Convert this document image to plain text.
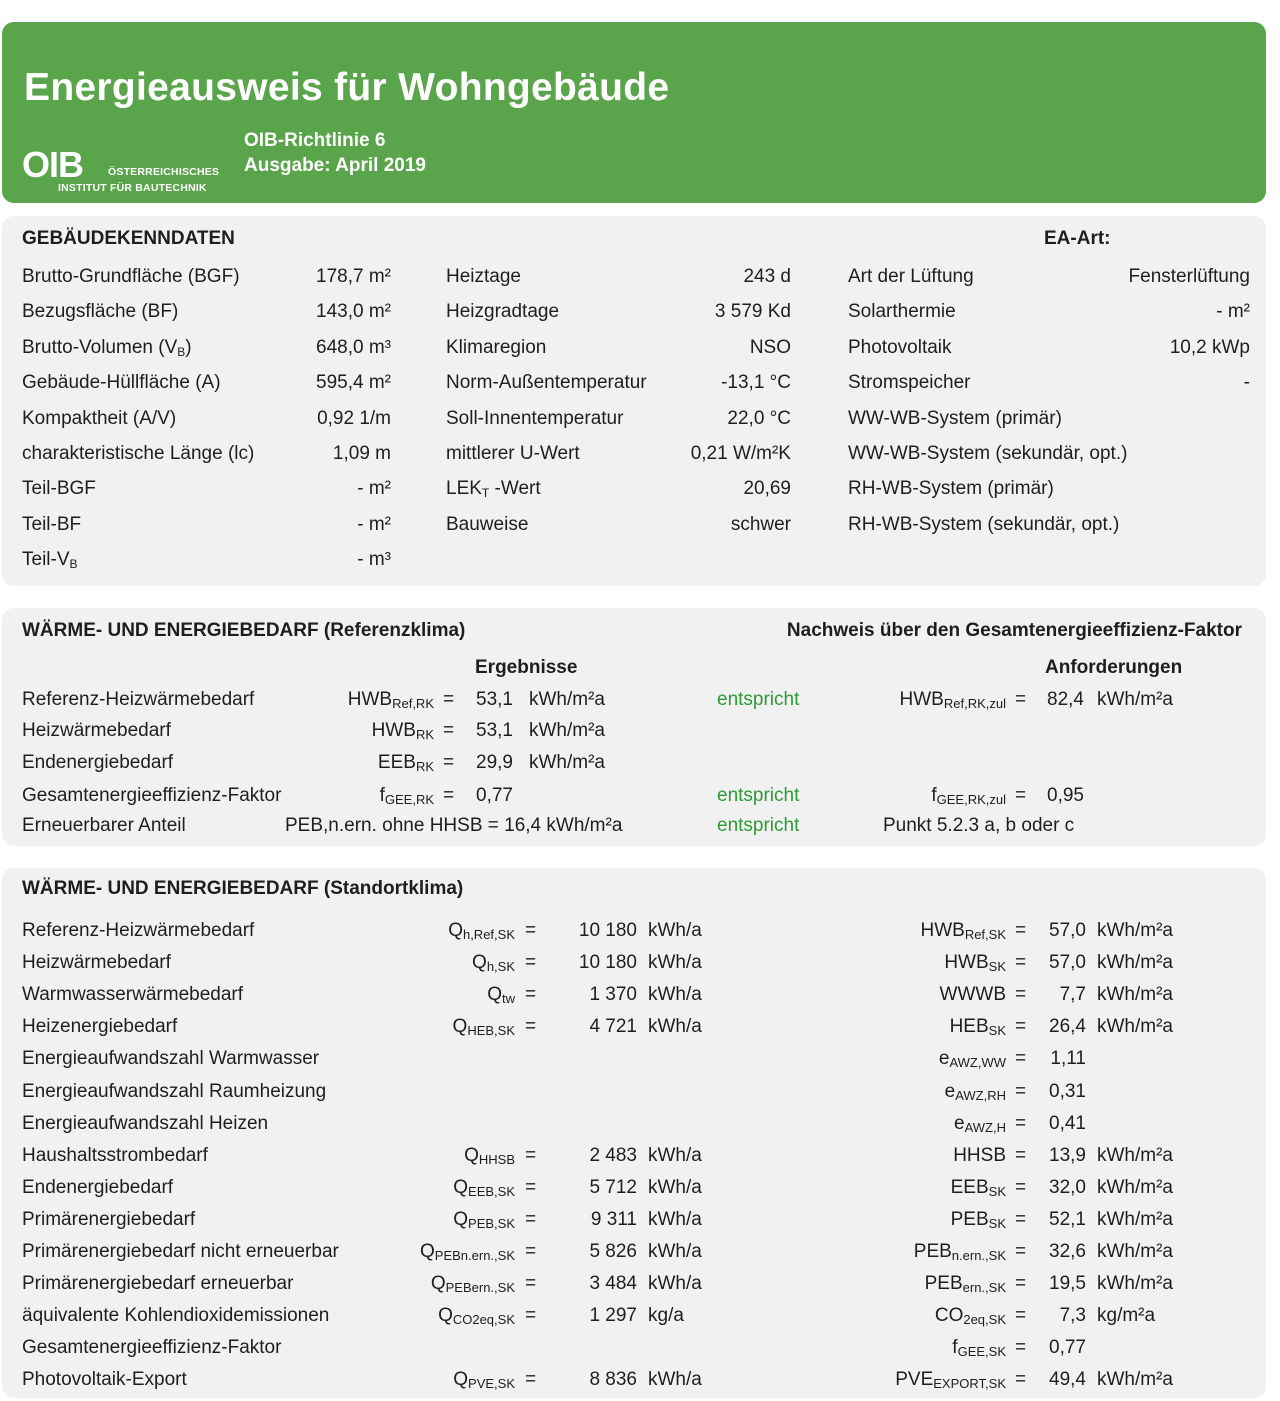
Energieausweis für Wohngebäude
OIB ÖSTERREICHISCHES
INSTITUT FÜR BAUTECHNIK
OIB-Richtlinie 6
Ausgabe: April 2019
GEBÄUDEKENNDATEN	EA-Art:
Brutto-Grundfläche (BGF)	178,7 m²
Bezugsfläche (BF)	143,0 m²
Brutto-Volumen $(V_B)$	648,0 m³
Gebäude-Hüllfläche (A)	595,4 m²
Kompaktheit (A/V)	0,92 1/m
charakteristische Länge (lc)	1,09 m
Teil-BGF	- m²
Teil-BF	- m²
Teil-$V_B$	- m³
Heiztage	243 d
Heizgradtage	3 579 Kd
Klimaregion	NSO
Norm-Außentemperatur	-13,1 °C
Soll-Innentemperatur	22,0 °C
mittlerer U-Wert	0,21 W/m²K
$LEK_T$ -Wert	20,69
Bauweise	schwer
Art der Lüftung	Fensterlüftung
Solarthermie	- m²
Photovoltaik	10,2 kWp
Stromspeicher	-
WW-WB-System (primär)
WW-WB-System (sekundär, opt.)
RH-WB-System (primär)
RH-WB-System (sekundär, opt.)
WÄRME- UND ENERGIEBEDARF (Referenzklima)	Nachweis über den Gesamtenergieeffizienz-Faktor
Ergebnisse	Anforderungen
Referenz-Heizwärmebedarf	HWBRef,RK = 53,1 kWh/m²a	entspricht	HWBRef,RK,zul = 82,4 kWh/m²a
Heizwärmebedarf	HWBRK = 53,1 kWh/m²a
Endenergiebedarf	EEBRK = 29,9 kWh/m²a
Gesamtenergieeffizienz-Faktor	fGEE,RK = 0,77	entspricht	fGEE,RK,zul = 0,95
Erneuerbarer Anteil	PEB,n.ern. ohne HHSB = 16,4 kWh/m²a	entspricht	Punkt 5.2.3 a, b oder c
WÄRME- UND ENERGIEBEDARF (Standortklima)
Referenz-Heizwärmebedarf	Qh,Ref,SK = 10 180 kWh/a	HWBRef,SK = 57,0 kWh/m²a
Heizwärmebedarf	Qh,SK = 10 180 kWh/a	HWBSK = 57,0 kWh/m²a
Warmwasserwärmebedarf	Qtw =	1 370 kWh/a	WWWB = 7,7 kWh/m²a
Heizenergiebedarf	QHEB,SK =	4 721 kWh/a	HEBSK = 26,4 kWh/m²a
Energieaufwandszahl Warmwasser	eAWZ,WW = 1,11
Energieaufwandszahl Raumheizung	eAWZ,RH = 0,31
Energieaufwandszahl Heizen	eAWZ,H = 0,41
Haushaltsstrombedarf	QHHSB =	2 483 kWh/a	HHSB = 13,9 kWh/m²a
Endenergiebedarf	QEEB,SK =	5 712 kWh/a	EEBSK = 32,0 kWh/m²a
Primärenergiebedarf	QPEB,SK =	9 311 kWh/a	PEBSK = 52,1 kWh/m²a
Primärenergiebedarf nicht erneuerbar	QPEBn.ern.,SK =	5 826 kWh/a	PEBn.ern.,SK = 32,6 kWh/m²a
Primärenergiebedarf erneuerbar	QPEBern.,SK =	3 484 kWh/a	PEBern.,SK = 19,5 kWh/m²a
äquivalente Kohlendioxidemissionen	QCO2eq,SK =	1 297 kg/a	CO2eq,SK = 7,3 kg/m²a
Gesamtenergieeffizienz-Faktor	fGEE,SK = 0,77
Photovoltaik-Export	QPVE,SK =	8 836 kWh/a	PVEEXPORT,SK = 49,4 kWh/m²a
